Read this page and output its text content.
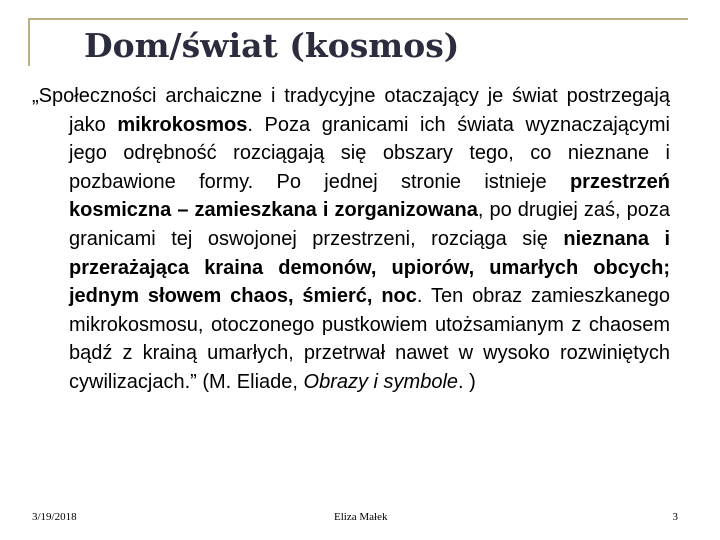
Dom/świat (kosmos)

„Społeczności archaiczne i tradycyjne otaczający je świat postrzegają jako mikrokosmos. Poza granicami ich świata wyznaczającymi jego odrębność rozciągają się obszary tego, co nieznane i pozbawione formy. Po jednej stronie istnieje przestrzeń kosmiczna – zamieszkana i zorganizowana, po drugiej zaś, poza granicami tej oswojonej przestrzeni, rozciąga się nieznana i przerażająca kraina demonów, upiorów, umarłych obcych; jednym słowem chaos, śmierć, noc. Ten obraz zamieszkanego mikrokosmosu, otoczonego pustkowiem utożsamianym z chaosem bądź z krainą umarłych, przetrwał nawet w wysoko rozwiniętych cywilizacjach.” (M. Eliade, Obrazy i symbole. )

3/19/2018	Eliza Małek	3
